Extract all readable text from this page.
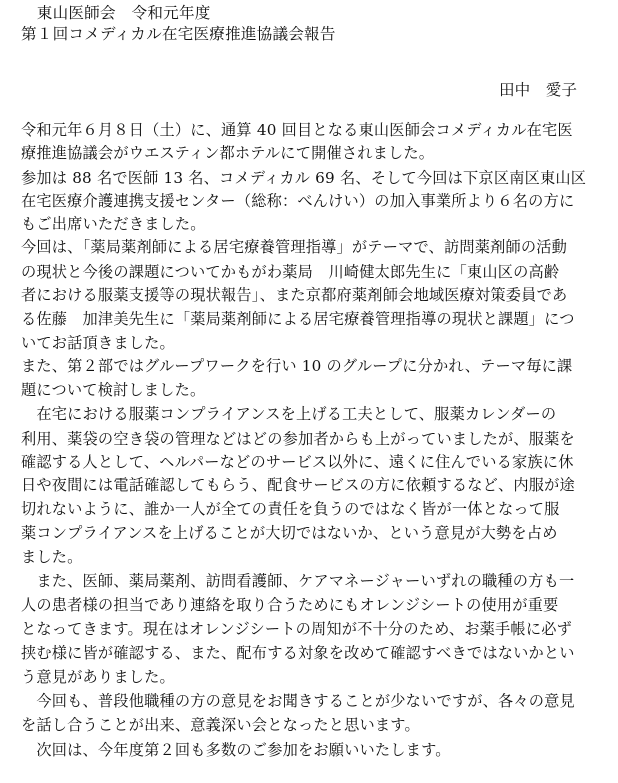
　東山医師会　令和元年度
第１回コメディカル在宅医療推進協議会報告
田中　愛子
令和元年６月８日（土）に、通算 40 回目となる東山医師会コメディカル在宅医
療推進協議会がウエスティン都ホテルにて開催されました。
参加は 88 名で医師 13 名、コメディカル 69 名、そして今回は下京区南区東山区
在宅医療介護連携支援センター（総称：べんけい）の加入事業所より６名の方に
もご出席いただきました。
今回は、「薬局薬剤師による居宅療養管理指導」がテーマで、訪問薬剤師の活動
の現状と今後の課題についてかもがわ薬局　川崎健太郎先生に「東山区の高齢
者における服薬支援等の現状報告」、また京都府薬剤師会地域医療対策委員であ
る佐藤　加津美先生に「薬局薬剤師による居宅療養管理指導の現状と課題」につ
いてお話頂きました。
また、第２部ではグループワークを行い 10 のグループに分かれ、テーマ毎に課
題について検討しました。
　在宅における服薬コンプライアンスを上げる工夫として、服薬カレンダーの
利用、薬袋の空き袋の管理などはどの参加者からも上がっていましたが、服薬を
確認する人として、ヘルパーなどのサービス以外に、遠くに住んでいる家族に休
日や夜間には電話確認してもらう、配食サービスの方に依頼するなど、内服が途
切れないように、誰か一人が全ての責任を負うのではなく皆が一体となって服
薬コンプライアンスを上げることが大切ではないか、という意見が大勢を占め
ました。
　また、医師、薬局薬剤、訪問看護師、ケアマネージャーいずれの職種の方も一
人の患者様の担当であり連絡を取り合うためにもオレンジシートの使用が重要
となってきます。現在はオレンジシートの周知が不十分のため、お薬手帳に必ず
挟む様に皆が確認する、また、配布する対象を改めて確認すべきではないかとい
う意見がありました。
　今回も、普段他職種の方の意見をお聞きすることが少ないですが、各々の意見
を話し合うことが出来、意義深い会となったと思います。
　次回は、今年度第２回も多数のご参加をお願いいたします。
